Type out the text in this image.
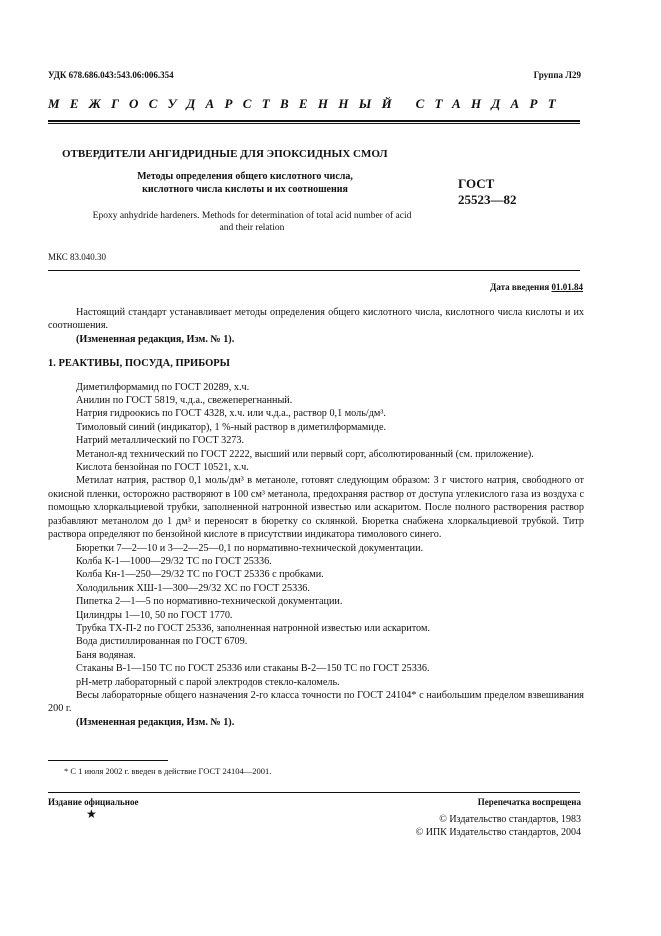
УДК 678.686.043:543.06:006.354	Группа Л29
МЕЖГОСУДАРСТВЕННЫЙ СТАНДАРТ
ОТВЕРДИТЕЛИ АНГИДРИДНЫЕ ДЛЯ ЭПОКСИДНЫХ СМОЛ
Методы определения общего кислотного числа,
кислотного числа кислоты и их соотношения	ГОСТ
25523—82
Epoxy anhydride hardeners. Methods for determination of total acid number of acid
and their relation
МКС 83.040.30
Дата введения 01.01.84

Настоящий стандарт устанавливает методы определения общего кислотного числа, кислотного числа кислоты и их соотношения.

(Измененная редакция, Изм. № 1).

1. РЕАКТИВЫ, ПОСУДА, ПРИБОРЫ

Диметилформамид по ГОСТ 20289, х.ч.

Анилин по ГОСТ 5819, ч.д.а., свежеперегнанный.

Натрия гидроокись по ГОСТ 4328, х.ч. или ч.д.а., раствор 0,1 моль/дм³.

Тимоловый синий (индикатор), 1 %-ный раствор в диметилформамиде.

Натрий металлический по ГОСТ 3273.

Метанол-яд технический по ГОСТ 2222, высший или первый сорт, абсолютированный (см. приложение).

Кислота бензойная по ГОСТ 10521, х.ч.

Метилат натрия, раствор 0,1 моль/дм³ в метаноле, готовят следующим образом: 3 г чистого натрия, свободного от окисной пленки, осторожно растворяют в 100 см³ метанола, предохраняя раствор от доступа углекислого газа из воздуха с помощью хлоркальциевой трубки, заполненной натронной известью или аскаритом. После полного растворения раствор разбавляют метанолом до 1 дм³ и переносят в бюретку со склянкой. Бюретка снабжена хлоркальциевой трубкой. Титр раствора определяют по бензойной кислоте в присутствии индикатора тимолового синего.

Бюретки 7—2—10 и 3—2—25—0,1 по нормативно-технической документации.

Колба К-1—1000—29/32 ТС по ГОСТ 25336.

Колба Кн-1—250—29/32 ТС по ГОСТ 25336 с пробками.

Холодильник ХШ-1—300—29/32 ХС по ГОСТ 25336.

Пипетка 2—1—5 по нормативно-технической документации.

Цилиндры 1—10, 50 по ГОСТ 1770.

Трубка ТХ-П-2 по ГОСТ 25336, заполненная натронной известью или аскаритом.

Вода дистиллированная по ГОСТ 6709.

Баня водяная.

Стаканы В-1—150 ТС по ГОСТ 25336 или стаканы В-2—150 ТС по ГОСТ 25336.

рН-метр лабораторный с парой электродов стекло-каломель.

Весы лабораторные общего назначения 2-го класса точности по ГОСТ 24104* с наибольшим пределом взвешивания 200 г.

(Измененная редакция, Изм. № 1).

* С 1 июля 2002 г. введен в действие ГОСТ 24104—2001.
Издание официальное
★
Перепечатка воспрещена
© Издательство стандартов, 1983
© ИПК Издательство стандартов, 2004
